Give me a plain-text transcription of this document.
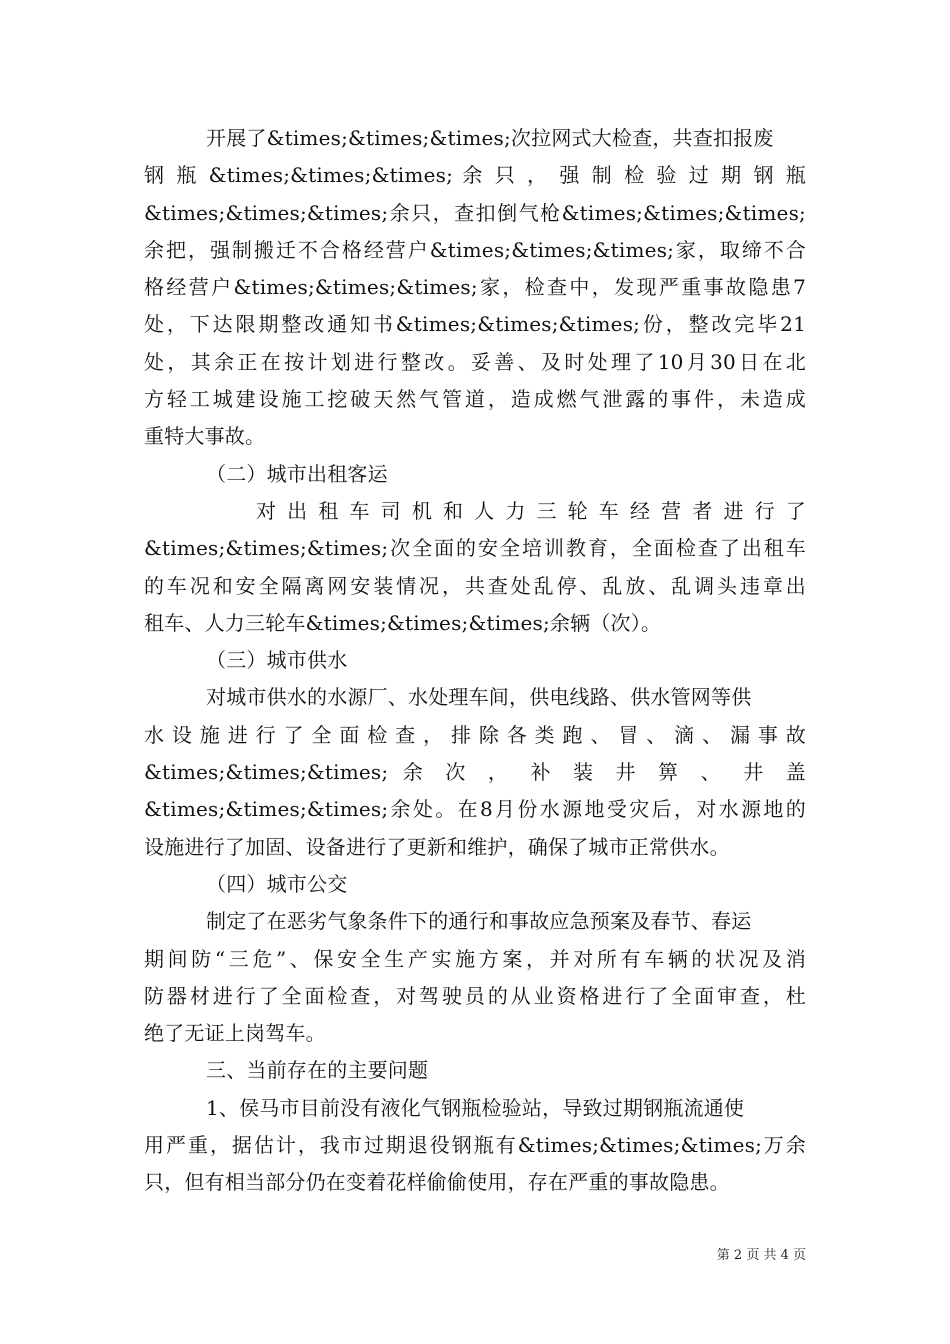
开展了&times;&times;&times;次拉网式大检查，共查扣报废
钢 瓶 &times;&times;&times; 余 只 ， 强 制 检 验 过 期 钢 瓶
&times;&times;&times;余只，查扣倒气枪&times;&times;&times;
余把，强制搬迁不合格经营户&times;&times;&times;家，取缔不合
格经营户&times;&times;&times;家，检查中，发现严重事故隐患7
处，下达限期整改通知书&times;&times;&times;份，整改完毕21
处，其余正在按计划进行整改。妥善、及时处理了10月30日在北
方轻工城建设施工挖破天然气管道，造成燃气泄露的事件，未造成
重特大事故。
（二）城市出租客运
对 出 租 车 司 机 和 人 力 三 轮 车 经 营 者 进 行 了
&times;&times;&times;次全面的安全培训教育，全面检查了出租车
的车况和安全隔离网安装情况，共查处乱停、乱放、乱调头违章出
租车、人力三轮车&times;&times;&times;余辆（次）。
（三）城市供水
对城市供水的水源厂、水处理车间，供电线路、供水管网等供
水 设 施 进 行 了 全 面 检 查 ， 排 除 各 类 跑 、 冒 、 滴 、 漏 事 故
&times;&times;&times; 余 次 ， 补 装 井 箅 、 井 盖
&times;&times;&times;余处。在8月份水源地受灾后，对水源地的
设施进行了加固、设备进行了更新和维护，确保了城市正常供水。
（四）城市公交
制定了在恶劣气象条件下的通行和事故应急预案及春节、春运
期间防“三危”、保安全生产实施方案，并对所有车辆的状况及消
防器材进行了全面检查，对驾驶员的从业资格进行了全面审查，杜
绝了无证上岗驾车。
三、当前存在的主要问题
1、侯马市目前没有液化气钢瓶检验站，导致过期钢瓶流通使
用严重，据估计，我市过期退役钢瓶有&times;&times;&times;万余
只，但有相当部分仍在变着花样偷偷使用，存在严重的事故隐患。
第 2 页 共 4 页
